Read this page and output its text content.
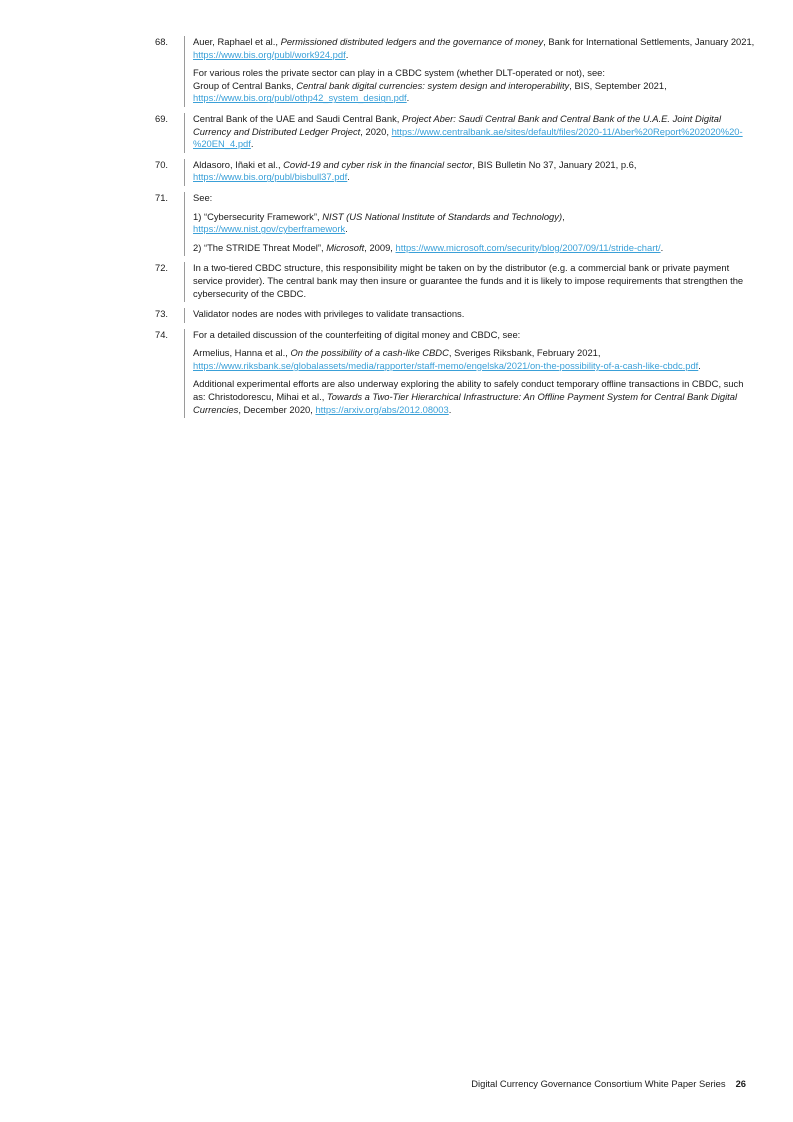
68.	Auer, Raphael et al., Permissioned distributed ledgers and the governance of money, Bank for International Settlements, January 2021, https://www.bis.org/publ/work924.pdf.

For various roles the private sector can play in a CBDC system (whether DLT-operated or not), see:
Group of Central Banks, Central bank digital currencies: system design and interoperability, BIS, September 2021, https://www.bis.org/publ/othp42_system_design.pdf.

69.	Central Bank of the UAE and Saudi Central Bank, Project Aber: Saudi Central Bank and Central Bank of the U.A.E. Joint Digital Currency and Distributed Ledger Project, 2020, https://www.centralbank.ae/sites/default/files/2020-11/Aber%20Report%202020%20-%20EN_4.pdf.

70.	Aldasoro, Iñaki et al., Covid-19 and cyber risk in the financial sector, BIS Bulletin No 37, January 2021, p.6, https://www.bis.org/publ/bisbull37.pdf.

71.	See:

1) “Cybersecurity Framework”, NIST (US National Institute of Standards and Technology),
https://www.nist.gov/cyberframework.

2) “The STRIDE Threat Model”, Microsoft, 2009, https://www.microsoft.com/security/blog/2007/09/11/stride-chart/.

72.	In a two-tiered CBDC structure, this responsibility might be taken on by the distributor (e.g. a commercial bank or private payment service provider). The central bank may then insure or guarantee the funds and it is likely to impose requirements that strengthen the cybersecurity of the CBDC.

73.	Validator nodes are nodes with privileges to validate transactions.

74.	For a detailed discussion of the counterfeiting of digital money and CBDC, see:

Armelius, Hanna et al., On the possibility of a cash-like CBDC, Sveriges Riksbank, February 2021, https://www.riksbank.se/globalassets/media/rapporter/staff-memo/engelska/2021/on-the-possibility-of-a-cash-like-cbdc.pdf.

Additional experimental efforts are also underway exploring the ability to safely conduct temporary offline transactions in CBDC, such as: Christodorescu, Mihai et al., Towards a Two-Tier Hierarchical Infrastructure: An Offline Payment System for Central Bank Digital Currencies, December 2020, https://arxiv.org/abs/2012.08003.

Digital Currency Governance Consortium White Paper Series 26
